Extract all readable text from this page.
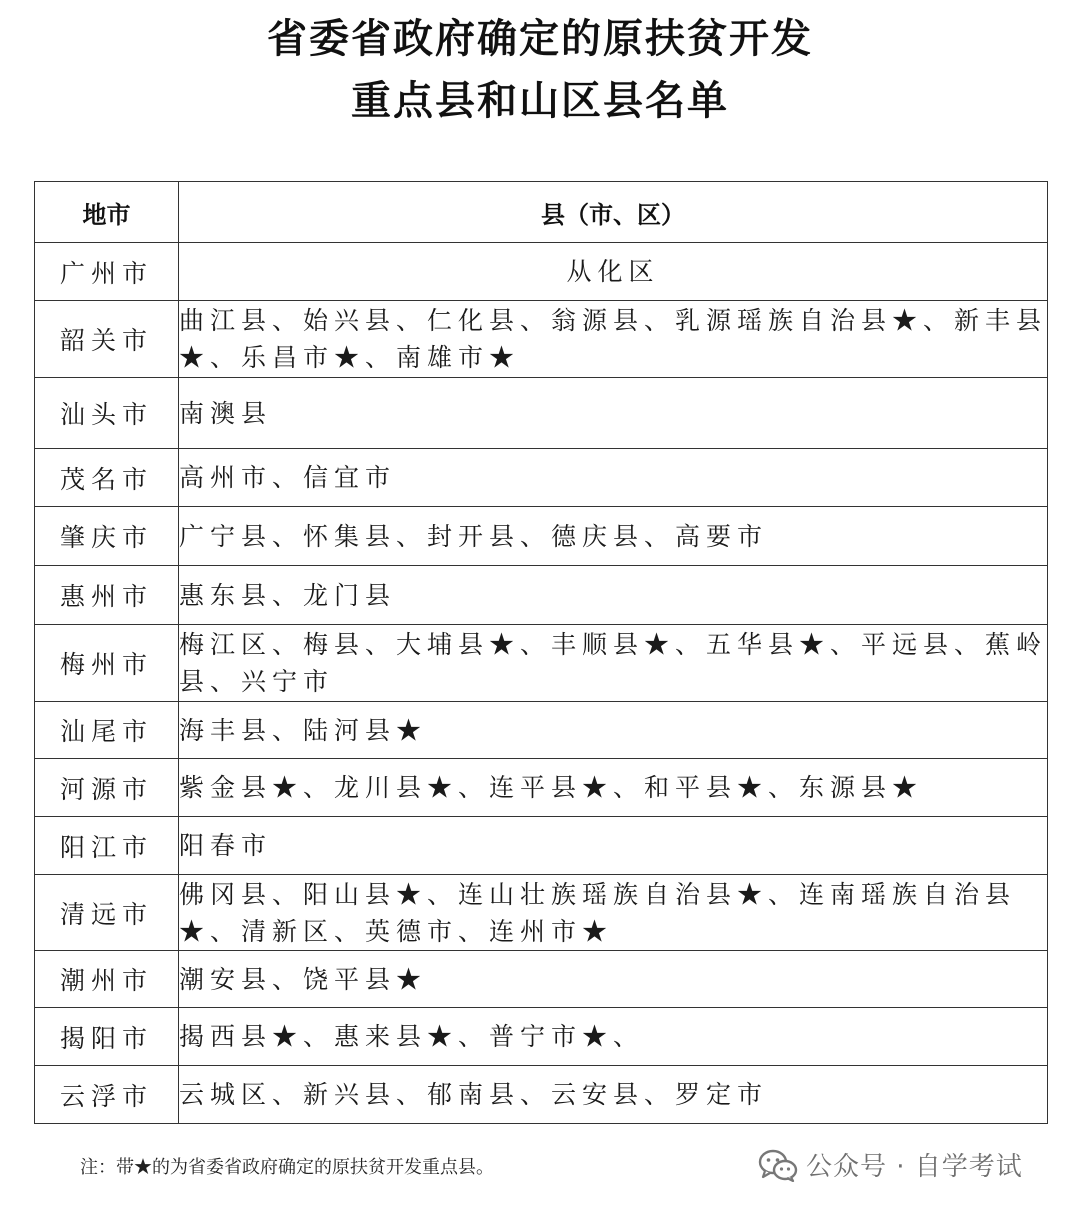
省委省政府确定的原扶贫开发
重点县和山区县名单
地市	县（市、区）
广州市	从化区
韶关市	曲江县、始兴县、仁化县、翁源县、乳源瑶族自治县★、新丰县★、乐昌市★、南雄市★
汕头市	南澳县
茂名市	高州市、信宜市
肇庆市	广宁县、怀集县、封开县、德庆县、高要市
惠州市	惠东县、龙门县
梅州市	梅江区、梅县、大埔县★、丰顺县★、五华县★、平远县、蕉岭县、兴宁市
汕尾市	海丰县、陆河县★
河源市	紫金县★、龙川县★、连平县★、和平县★、东源县★
阳江市	阳春市
清远市	佛冈县、阳山县★、连山壮族瑶族自治县★、连南瑶族自治县★、清新区、英德市、连州市★
潮州市	潮安县、饶平县★
揭阳市	揭西县★、惠来县★、普宁市★、
云浮市	云城区、新兴县、郁南县、云安县、罗定市
注：带★的为省委省政府确定的原扶贫开发重点县。	公众号 · 自学考试
